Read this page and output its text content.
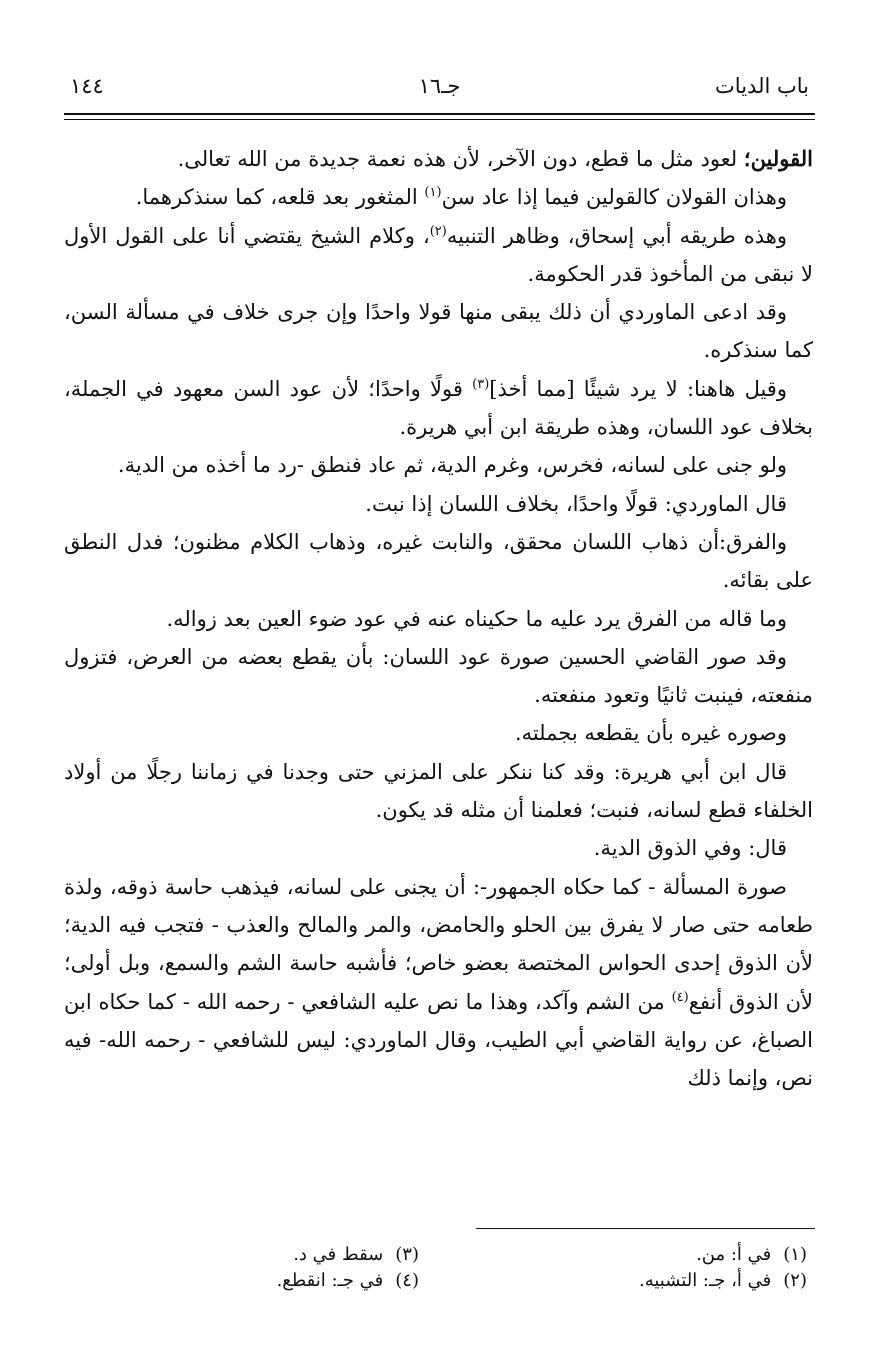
باب الديات
جـ١٦
١٤٤

القولين؛ لعود مثل ما قطع، دون الآخر، لأن هذه نعمة جديدة من الله تعالى.

وهذان القولان كالقولين فيما إذا عاد سن$^{(١)}$ المثغور بعد قلعه، كما سنذكرهما.

وهذه طريقه أبي إسحاق، وظاهر التنبيه$^{(٢)}$، وكلام الشيخ يقتضي أنا على القول الأول لا نبقى من المأخوذ قدر الحكومة.

وقد ادعى الماوردي أن ذلك يبقى منها قولا واحدًا وإن جرى خلاف في مسألة السن، كما سنذكره.

وقيل هاهنا: لا يرد شيئًا [مما أخذ]$^{(٣)}$ قولًا واحدًا؛ لأن عود السن معهود في الجملة، بخلاف عود اللسان، وهذه طريقة ابن أبي هريرة.

ولو جنى على لسانه، فخرس، وغرم الدية، ثم عاد فنطق -رد ما أخذه من الدية.

قال الماوردي: قولًا واحدًا، بخلاف اللسان إذا نبت.

والفرق:أن ذهاب اللسان محقق، والنابت غيره، وذهاب الكلام مظنون؛ فدل النطق على بقائه.

وما قاله من الفرق يرد عليه ما حكيناه عنه في عود ضوء العين بعد زواله.

وقد صور القاضي الحسين صورة عود اللسان: بأن يقطع بعضه من العرض، فتزول منفعته، فينبت ثانيًا وتعود منفعته.

وصوره غيره بأن يقطعه بجملته.

قال ابن أبي هريرة: وقد كنا ننكر على المزني حتى وجدنا في زماننا رجلًا من أولاد الخلفاء قطع لسانه، فنبت؛ فعلمنا أن مثله قد يكون.

قال: وفي الذوق الدية.

صورة المسألة - كما حكاه الجمهور-: أن يجنى على لسانه، فيذهب حاسة ذوقه، ولذة طعامه حتى صار لا يفرق بين الحلو والحامض، والمر والمالح والعذب - فتجب فيه الدية؛ لأن الذوق إحدى الحواس المختصة بعضو خاص؛ فأشبه حاسة الشم والسمع، وبل أولى؛ لأن الذوق أنفع$^{(٤)}$ من الشم وآكد، وهذا ما نص عليه الشافعي - رحمه الله - كما حكاه ابن الصباغ، عن رواية القاضي أبي الطيب، وقال الماوردي: ليس للشافعي - رحمه الله- فيه نص، وإنما ذلك

(١)في أ: من.
(٢)في أ، جـ: التشبيه.
(٣)سقط في د.
(٤)في جـ: انقطع.
